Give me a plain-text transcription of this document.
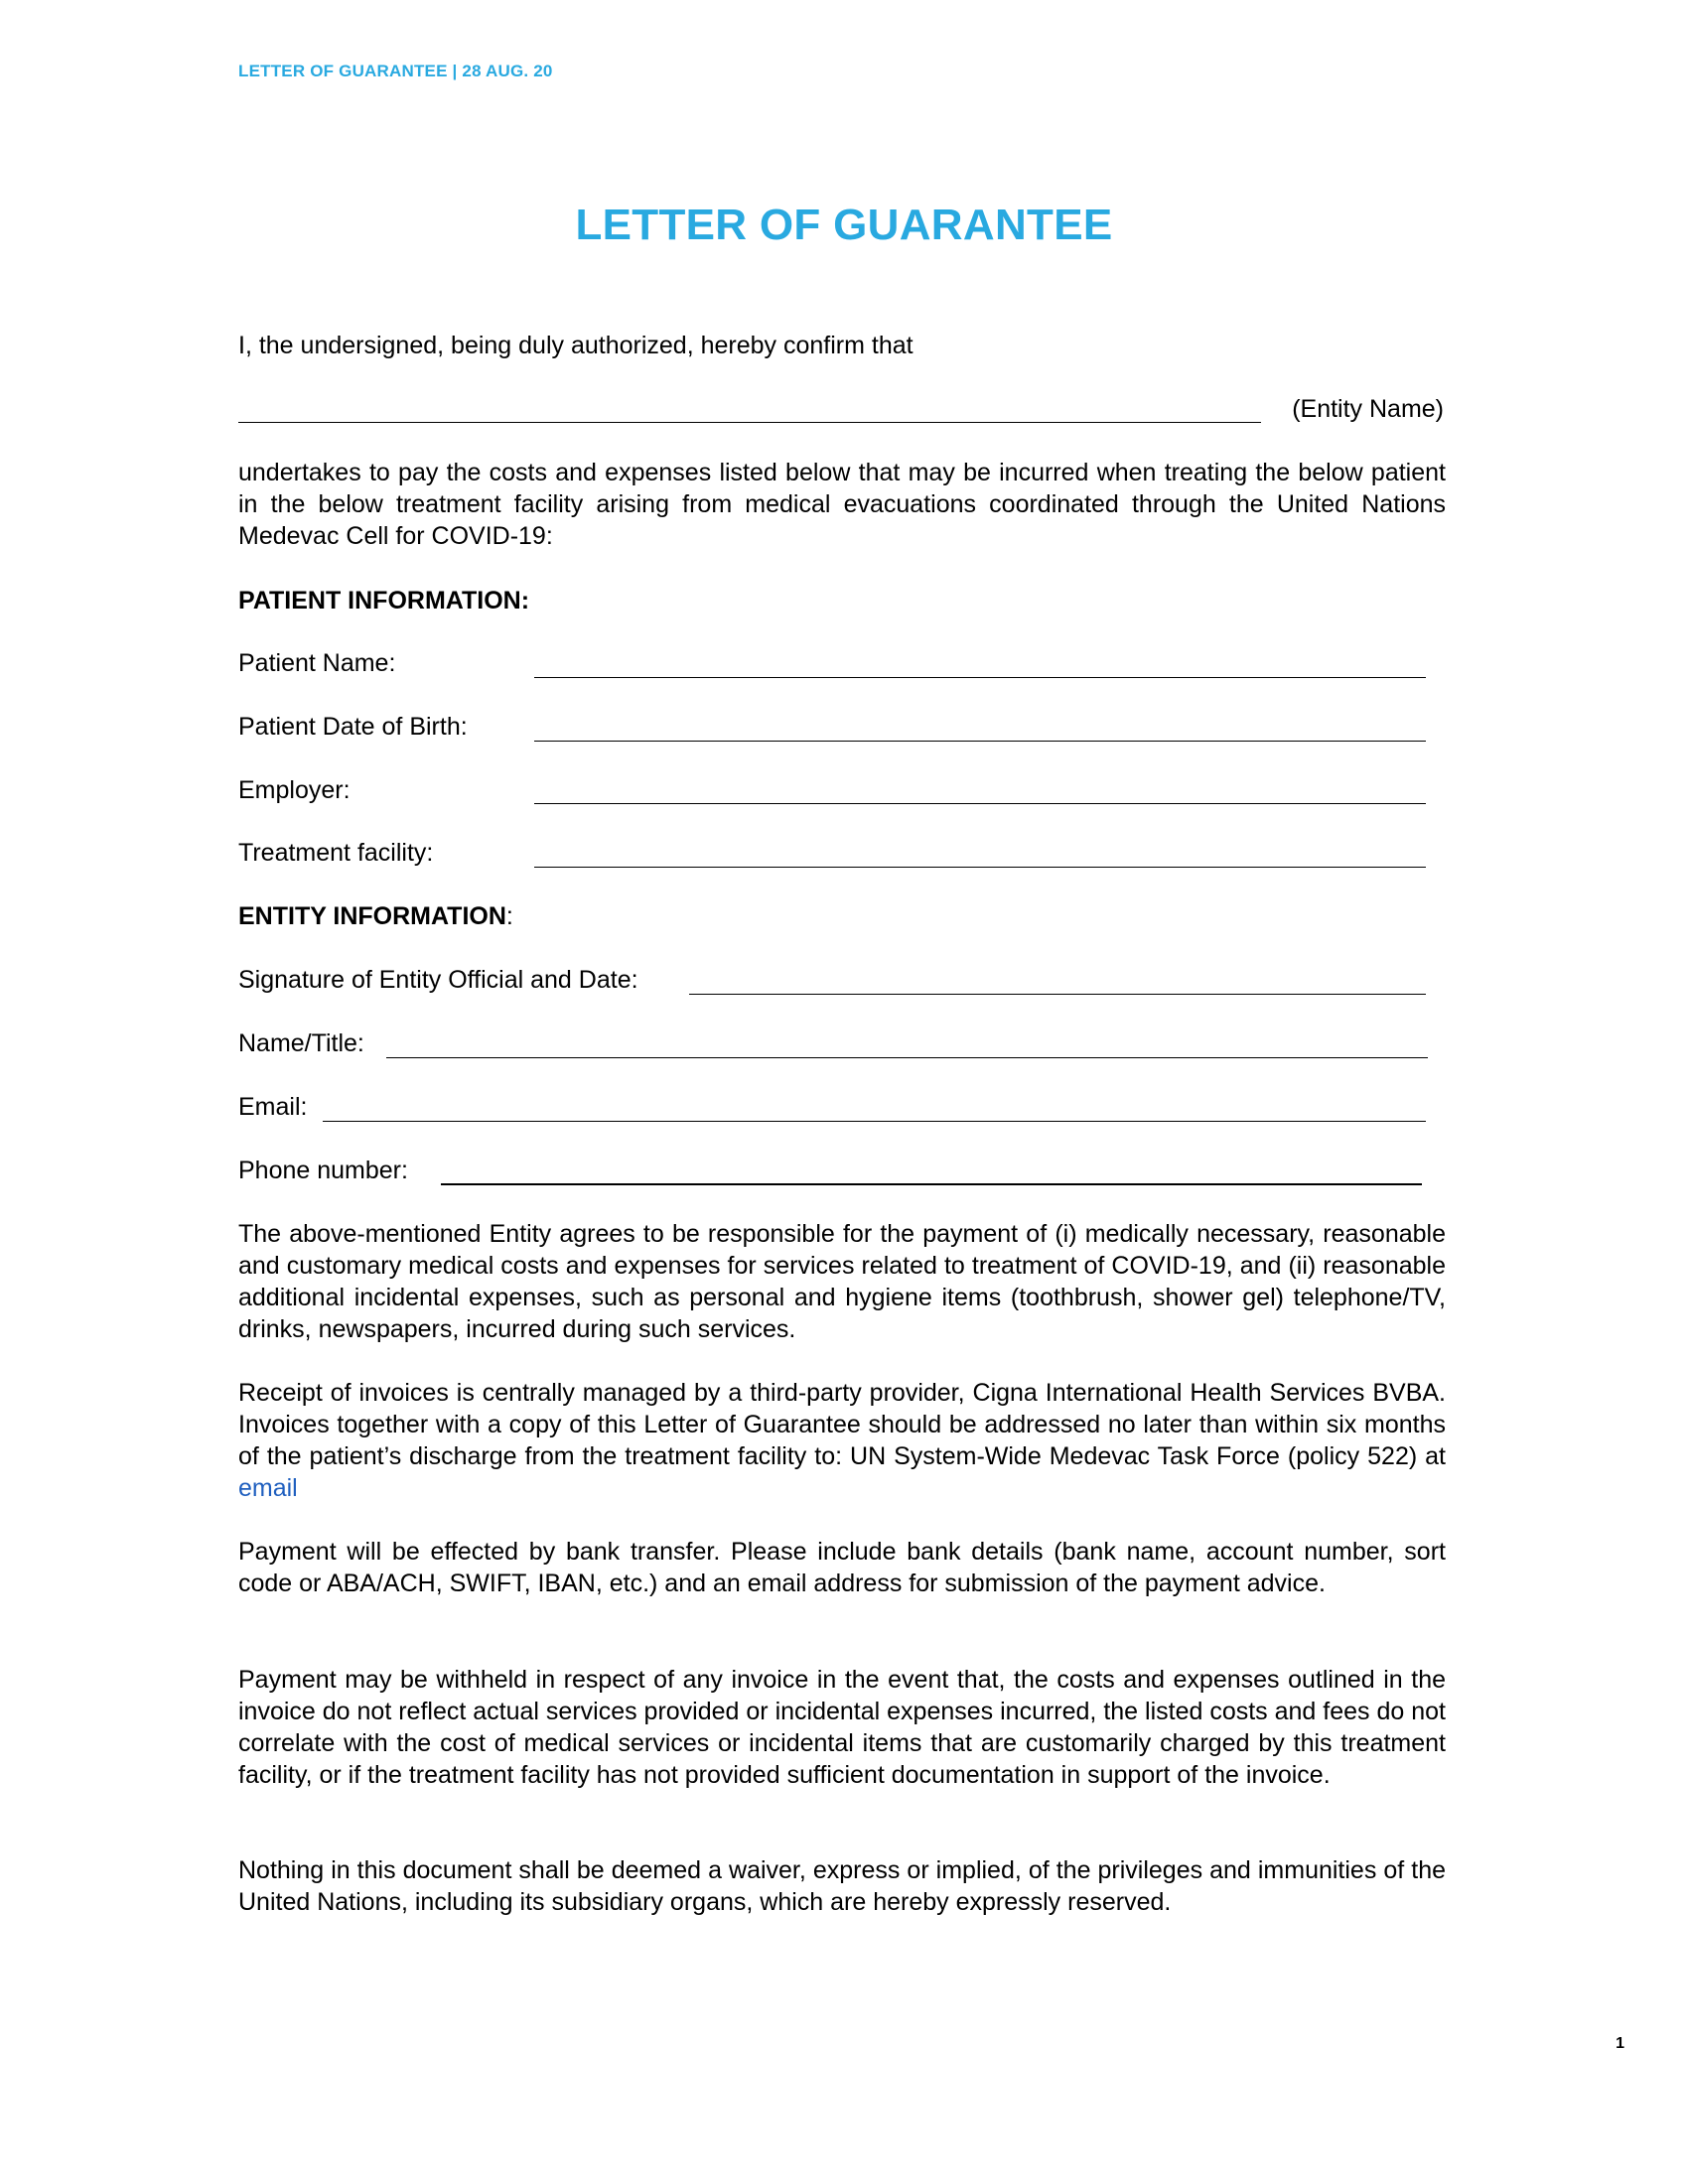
LETTER OF GUARANTEE | 28 AUG. 20
LETTER OF GUARANTEE
I, the undersigned, being duly authorized, hereby confirm that
(Entity Name)
undertakes to pay the costs and expenses listed below that may be incurred when treating the below patient in the below treatment facility arising from medical evacuations coordinated through the United Nations Medevac Cell for COVID-19:
PATIENT INFORMATION:
Patient Name:
Patient Date of Birth:
Employer:
Treatment facility:
ENTITY INFORMATION:
Signature of Entity Official and Date:
Name/Title:
Email:
Phone number:
The above-mentioned Entity agrees to be responsible for the payment of (i) medically necessary, reasonable and customary medical costs and expenses for services related to treatment of COVID-19, and (ii) reasonable additional incidental expenses, such as personal and hygiene items (toothbrush, shower gel) telephone/TV, drinks, newspapers, incurred during such services.
Receipt of invoices is centrally managed by a third-party provider, Cigna International Health Services BVBA. Invoices together with a copy of this Letter of Guarantee should be addressed no later than within six months of the patient’s discharge from the treatment facility to: UN System-Wide Medevac Task Force (policy 522) at email
Payment will be effected by bank transfer. Please include bank details (bank name, account number, sort code or ABA/ACH, SWIFT, IBAN, etc.) and an email address for submission of the payment advice.
Payment may be withheld in respect of any invoice in the event that, the costs and expenses outlined in the invoice do not reflect actual services provided or incidental expenses incurred, the listed costs and fees do not correlate with the cost of medical services or incidental items that are customarily charged by this treatment facility, or if the treatment facility has not provided sufficient documentation in support of the invoice.
Nothing in this document shall be deemed a waiver, express or implied, of the privileges and immunities of the United Nations, including its subsidiary organs, which are hereby expressly reserved.
1
